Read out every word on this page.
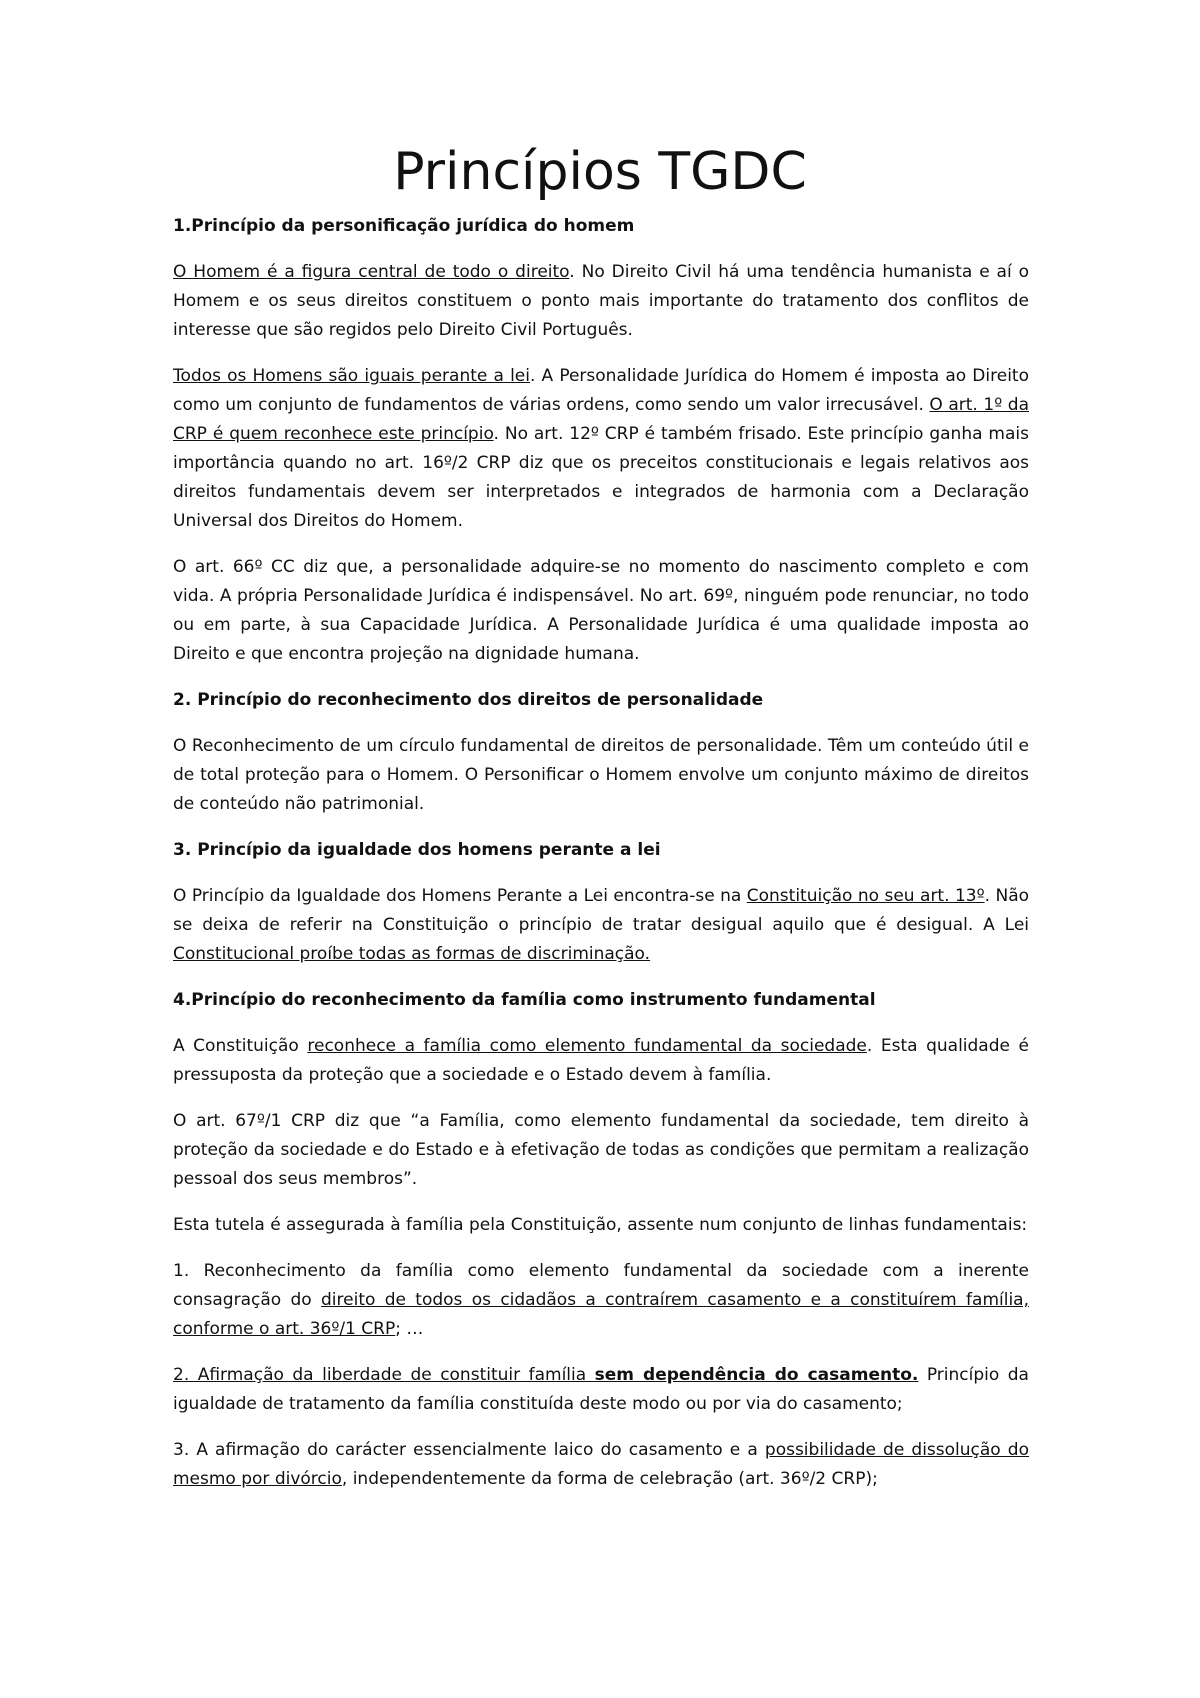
Princípios TGDC
1.Princípio da personificação jurídica do homem

O Homem é a figura central de todo o direito. No Direito Civil há uma tendência humanista e aí o Homem e os seus direitos constituem o ponto mais importante do tratamento dos conflitos de interesse que são regidos pelo Direito Civil Português.

Todos os Homens são iguais perante a lei. A Personalidade Jurídica do Homem é imposta ao Direito como um conjunto de fundamentos de várias ordens, como sendo um valor irrecusável. O art. 1º da CRP é quem reconhece este princípio. No art. 12º CRP é também frisado. Este princípio ganha mais importância quando no art. 16º/2 CRP diz que os preceitos constitucionais e legais relativos aos direitos fundamentais devem ser interpretados e integrados de harmonia com a Declaração Universal dos Direitos do Homem.

O art. 66º CC diz que, a personalidade adquire-se no momento do nascimento completo e com vida. A própria Personalidade Jurídica é indispensável. No art. 69º, ninguém pode renunciar, no todo ou em parte, à sua Capacidade Jurídica. A Personalidade Jurídica é uma qualidade imposta ao Direito e que encontra projeção na dignidade humana.

2. Princípio do reconhecimento dos direitos de personalidade

O Reconhecimento de um círculo fundamental de direitos de personalidade. Têm um conteúdo útil e de total proteção para o Homem. O Personificar o Homem envolve um conjunto máximo de direitos de conteúdo não patrimonial.

3. Princípio da igualdade dos homens perante a lei

O Princípio da Igualdade dos Homens Perante a Lei encontra-se na Constituição no seu art. 13º. Não se deixa de referir na Constituição o princípio de tratar desigual aquilo que é desigual. A Lei Constitucional proíbe todas as formas de discriminação.

4.Princípio do reconhecimento da família como instrumento fundamental

A Constituição reconhece a família como elemento fundamental da sociedade. Esta qualidade é pressuposta da proteção que a sociedade e o Estado devem à família.

O art. 67º/1 CRP diz que “a Família, como elemento fundamental da sociedade, tem direito à proteção da sociedade e do Estado e à efetivação de todas as condições que permitam a realização pessoal dos seus membros”.

Esta tutela é assegurada à família pela Constituição, assente num conjunto de linhas fundamentais:

1. Reconhecimento da família como elemento fundamental da sociedade com a inerente consagração do direito de todos os cidadãos a contraírem casamento e a constituírem família, conforme o art. 36º/1 CRP; …

2. Afirmação da liberdade de constituir família sem dependência do casamento. Princípio da igualdade de tratamento da família constituída deste modo ou por via do casamento;

3. A afirmação do carácter essencialmente laico do casamento e a possibilidade de dissolução do mesmo por divórcio, independentemente da forma de celebração (art. 36º/2 CRP);
